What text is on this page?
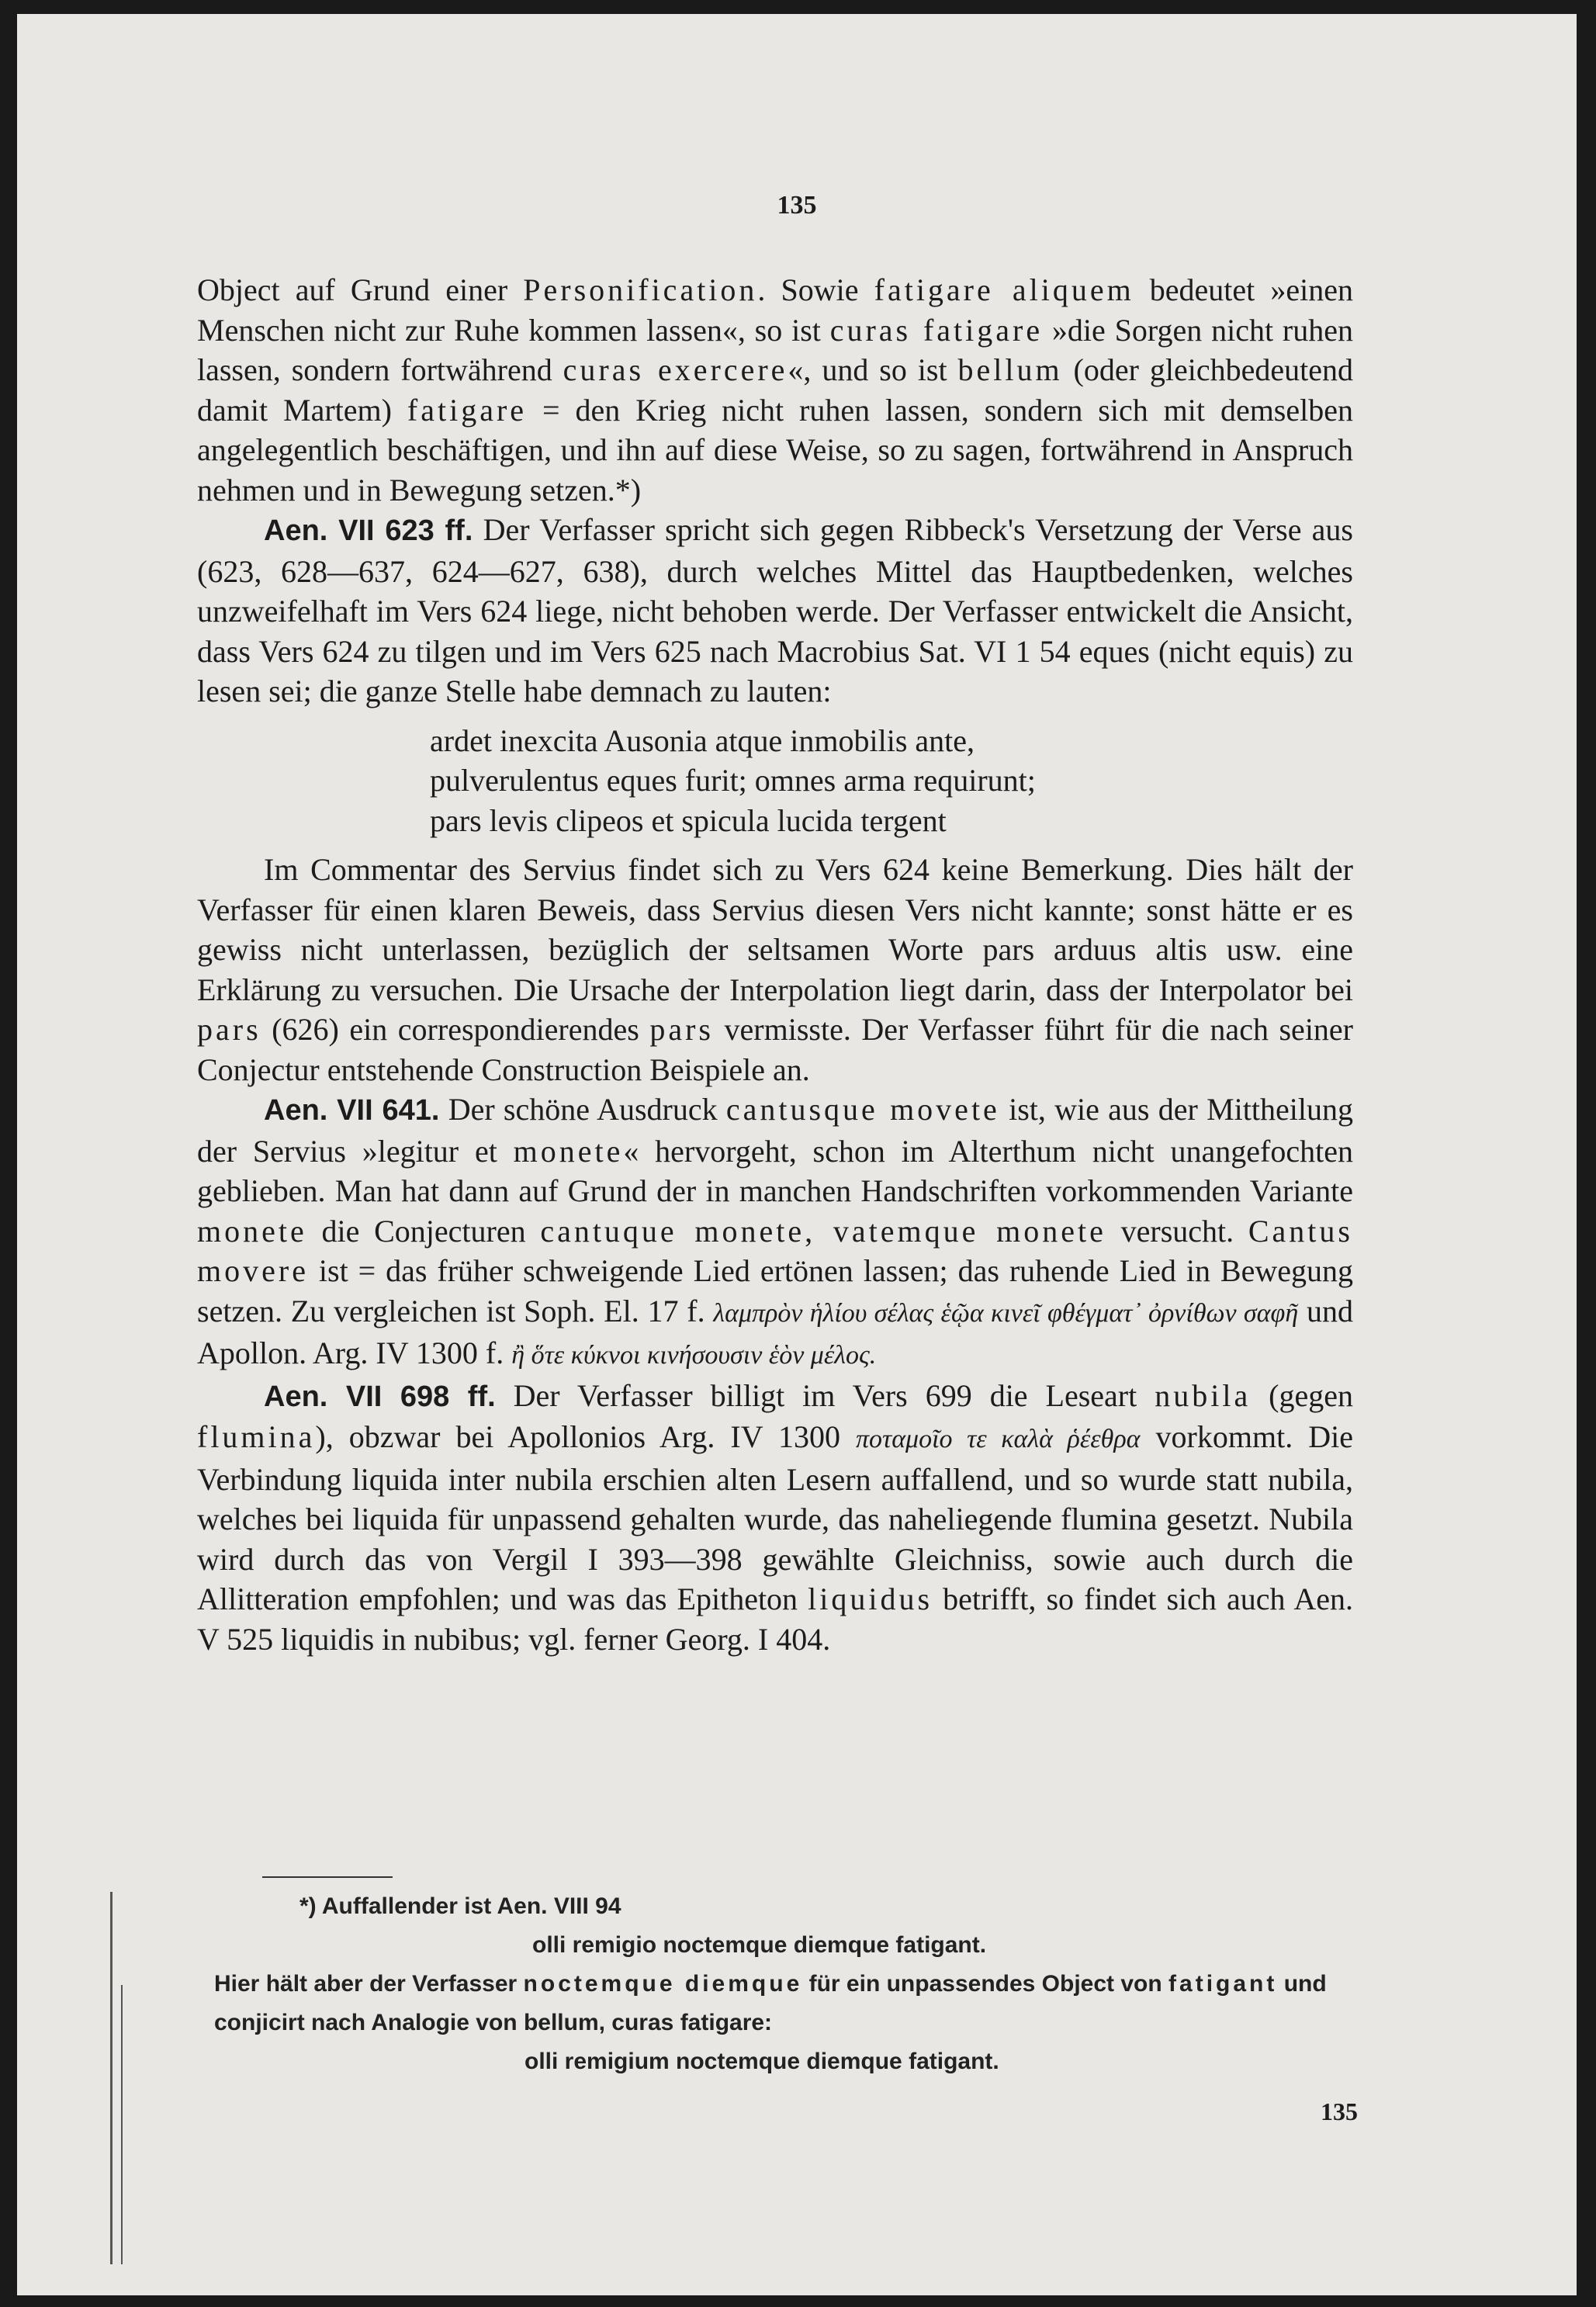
135

Object auf Grund einer Personification. Sowie fatigare aliquem bedeutet »einen Menschen nicht zur Ruhe kommen lassen«, so ist curas fatigare »die Sorgen nicht ruhen lassen, sondern fortwährend curas exercere«, und so ist bellum (oder gleichbedeutend damit Martem) fatigare = den Krieg nicht ruhen lassen, sondern sich mit demselben angelegentlich beschäftigen, und ihn auf diese Weise, so zu sagen, fortwährend in Anspruch nehmen und in Bewegung setzen.*)

Aen. VII 623 ff. Der Verfasser spricht sich gegen Ribbeck's Versetzung der Verse aus (623, 628—637, 624—627, 638), durch welches Mittel das Hauptbedenken, welches unzweifelhaft im Vers 624 liege, nicht behoben werde. Der Verfasser entwickelt die Ansicht, dass Vers 624 zu tilgen und im Vers 625 nach Macrobius Sat. VI 1 54 eques (nicht equis) zu lesen sei; die ganze Stelle habe demnach zu lauten:

ardet inexcita Ausonia atque inmobilis ante,
pulverulentus eques furit; omnes arma requirunt;
pars levis clipeos et spicula lucida tergent

Im Commentar des Servius findet sich zu Vers 624 keine Bemerkung. Dies hält der Verfasser für einen klaren Beweis, dass Servius diesen Vers nicht kannte; sonst hätte er es gewiss nicht unterlassen, bezüglich der seltsamen Worte pars arduus altis usw. eine Erklärung zu versuchen. Die Ursache der Interpolation liegt darin, dass der Interpolator bei pars (626) ein correspondierendes pars vermisste. Der Verfasser führt für die nach seiner Conjectur entstehende Construction Beispiele an.

Aen. VII 641. Der schöne Ausdruck cantusque movete ist, wie aus der Mittheilung der Servius »legitur et monete« hervorgeht, schon im Alterthum nicht unangefochten geblieben. Man hat dann auf Grund der in manchen Handschriften vorkommenden Variante monete die Conjecturen cantuque monete, vatemque monete versucht. Cantus movere ist = das früher schweigende Lied ertönen lassen; das ruhende Lied in Bewegung setzen. Zu vergleichen ist Soph. El. 17 f. λαμπρὸν ἡλίου σέλας ἑῷα κινεῖ φθέγματ᾽ ὀρνίθων σαφῆ und Apollon. Arg. IV 1300 f. ἢ ὅτε κύκνοι κινήσουσιν ἑὸν μέλος.

Aen. VII 698 ff. Der Verfasser billigt im Vers 699 die Leseart nubila (gegen flumina), obzwar bei Apollonios Arg. IV 1300 ποταμοῖο τε καλὰ ῥέεθρα vorkommt. Die Verbindung liquida inter nubila erschien alten Lesern auffallend, und so wurde statt nubila, welches bei liquida für unpassend gehalten wurde, das naheliegende flumina gesetzt. Nubila wird durch das von Vergil I 393—398 gewählte Gleichniss, sowie auch durch die Allitteration empfohlen; und was das Epitheton liquidus betrifft, so findet sich auch Aen. V 525 liquidis in nubibus; vgl. ferner Georg. I 404.

*) Auffallender ist Aen. VIII 94

olli remigio noctemque diemque fatigant.

Hier hält aber der Verfasser noctemque diemque für ein unpassendes Object von fatigant und conjicirt nach Analogie von bellum, curas fatigare:

olli remigium noctemque diemque fatigant.

135
